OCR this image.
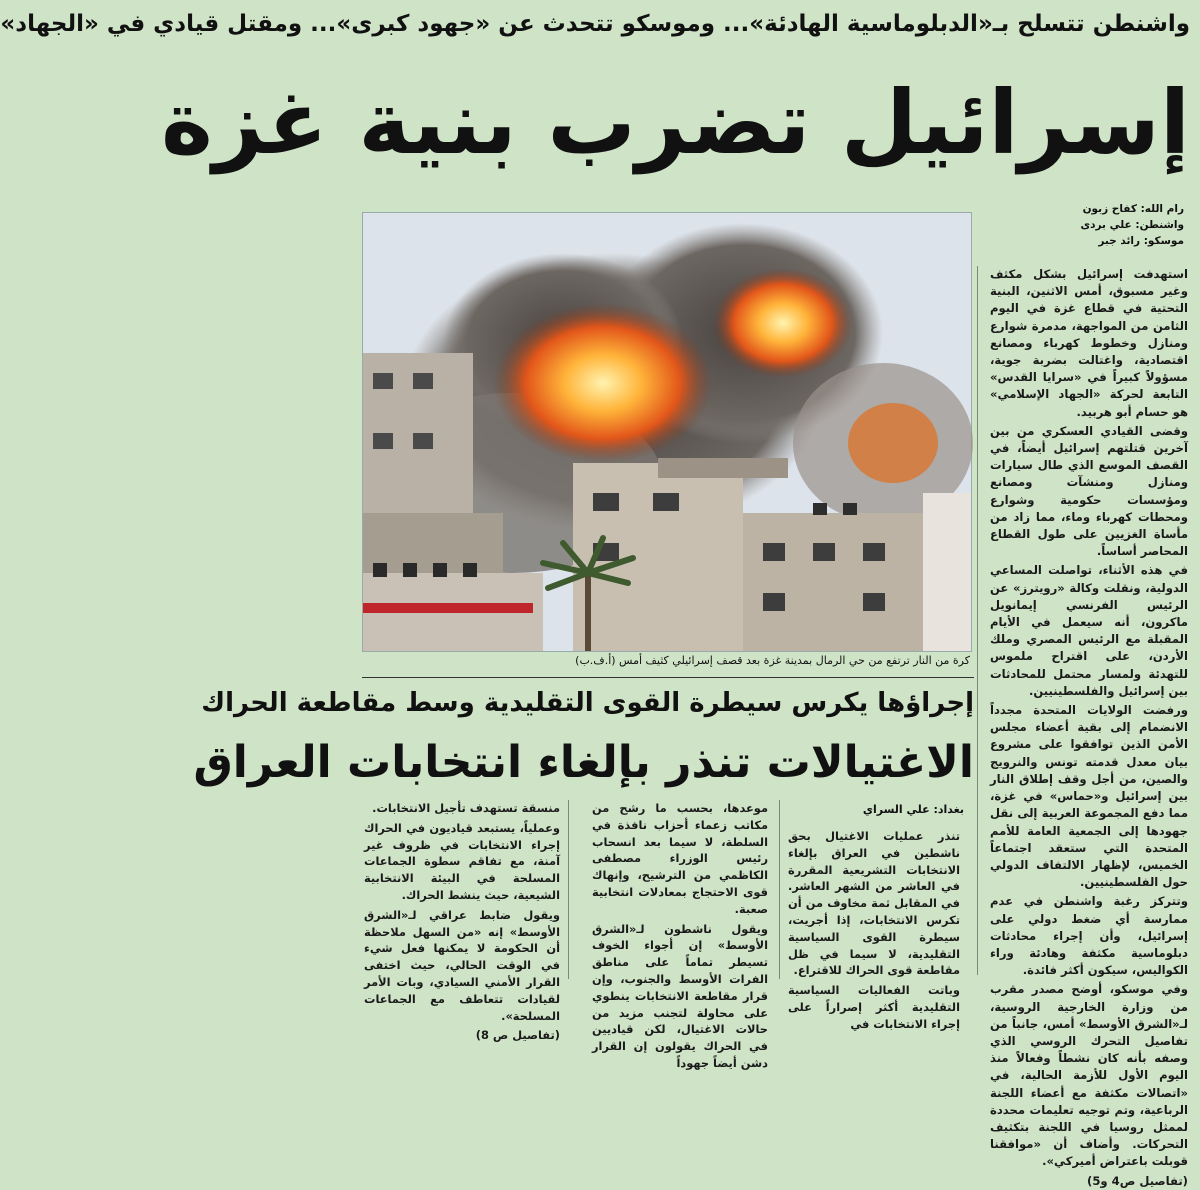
واشنطن تتسلح بـ«الدبلوماسية الهادئة»... وموسكو تتحدث عن «جهود كبرى»... ومقتل قيادي في «الجهاد»
إسرائيل تضرب بنية غزة
رام الله: كفاح زبون
واشنطن: علي بردى
موسكو: رائد جبر

استهدفت إسرائيل بشكل مكثف وغير مسبوق، أمس الاثنين، البنية التحتية في قطاع غزة في اليوم الثامن من المواجهة، مدمرة شوارع ومنازل وخطوط كهرباء ومصانع اقتصادية، واغتالت بضربة جوية، مسؤولاً كبيراً في «سرايا القدس» التابعة لحركة «الجهاد الإسلامي» هو حسام أبو هربيد.

وقضى القيادي العسكري من بين آخرين قتلتهم إسرائيل أيضاً، في القصف الموسع الذي طال سيارات ومنازل ومنشآت ومصانع ومؤسسات حكومية وشوارع ومحطات كهرباء وماء، مما زاد من مأساة الغزيين على طول القطاع المحاصر أساساً.

في هذه الأثناء، تواصلت المساعي الدولية، ونقلت وكالة «رويترز» عن الرئيس الفرنسي إيمانويل ماكرون، أنه سيعمل في الأيام المقبلة مع الرئيس المصري وملك الأردن، على اقتراح ملموس للتهدئة ولمسار محتمل للمحادثات بين إسرائيل والفلسطينيين.

ورفضت الولايات المتحدة مجدداً الانضمام إلى بقية أعضاء مجلس الأمن الذين توافقوا على مشروع بيان معدل قدمته تونس والنرويج والصين، من أجل وقف إطلاق النار بين إسرائيل و«حماس» في غزة، مما دفع المجموعة العربية إلى نقل جهودها إلى الجمعية العامة للأمم المتحدة التي ستعقد اجتماعاً الخميس، لإظهار الالتفاف الدولي حول الفلسطينيين.

وتتركز رغبة واشنطن في عدم ممارسة أي ضغط دولي على إسرائيل، وأن إجراء محادثات دبلوماسية مكثفة وهادئة وراء الكواليس، سيكون أكثر فائدة.

وفي موسكو، أوضح مصدر مقرب من وزارة الخارجية الروسية، لـ«الشرق الأوسط» أمس، جانباً من تفاصيل التحرك الروسي الذي وصفه بأنه كان نشطاً وفعالاً منذ اليوم الأول للأزمة الحالية، في «اتصالات مكثفة مع أعضاء اللجنة الرباعية، وتم توجيه تعليمات محددة لممثل روسيا في اللجنة بتكثيف التحركات. وأضاف أن «موافقنا قوبلت باعتراض أميركي».

(تفاصيل ص4 و5)

كرة من النار ترتفع من حي الرمال بمدينة غزة بعد قصف إسرائيلي كثيف أمس (أ.ف.ب)
إجراؤها يكرس سيطرة القوى التقليدية وسط مقاطعة الحراك
الاغتيالات تنذر بإلغاء انتخابات العراق
بغداد: علي السراي

تنذر عمليات الاغتيال بحق ناشطين في العراق بإلغاء الانتخابات التشريعية المقررة في العاشر من الشهر العاشر. في المقابل ثمة مخاوف من أن تكرس الانتخابات، إذا أجريت، سيطرة القوى السياسية التقليدية، لا سيما في ظل مقاطعة قوى الحراك للاقتراع.

وباتت الفعاليات السياسية التقليدية أكثر إصراراً على إجراء الانتخابات في

موعدها، بحسب ما رشح من مكاتب زعماء أحزاب نافذة في السلطة، لا سيما بعد انسحاب رئيس الوزراء مصطفى الكاظمي من الترشيح، وإنهاك قوى الاحتجاج بمعادلات انتخابية صعبة.

ويقول ناشطون لـ«الشرق الأوسط» إن أجواء الخوف تسيطر تماماً على مناطق الفرات الأوسط والجنوب، وإن قرار مقاطعة الانتخابات ينطوي على محاولة لتجنب مزيد من حالات الاغتيال، لكن قياديين في الحراك يقولون إن القرار دشن أيضاً جهوداً

منسقة تستهدف تأجيل الانتخابات.

وعملياً، يستبعد قياديون في الحراك إجراء الانتخابات في ظروف غير آمنة، مع تفاقم سطوة الجماعات المسلحة في البيئة الانتخابية الشيعية، حيث ينشط الحراك.

ويقول ضابط عراقي لـ«الشرق الأوسط» إنه «من السهل ملاحظة أن الحكومة لا يمكنها فعل شيء في الوقت الحالي، حيث اختفى القرار الأمني السيادي، وبات الأمر لقيادات تتعاطف مع الجماعات المسلحة».

(تفاصيل ص 8)
